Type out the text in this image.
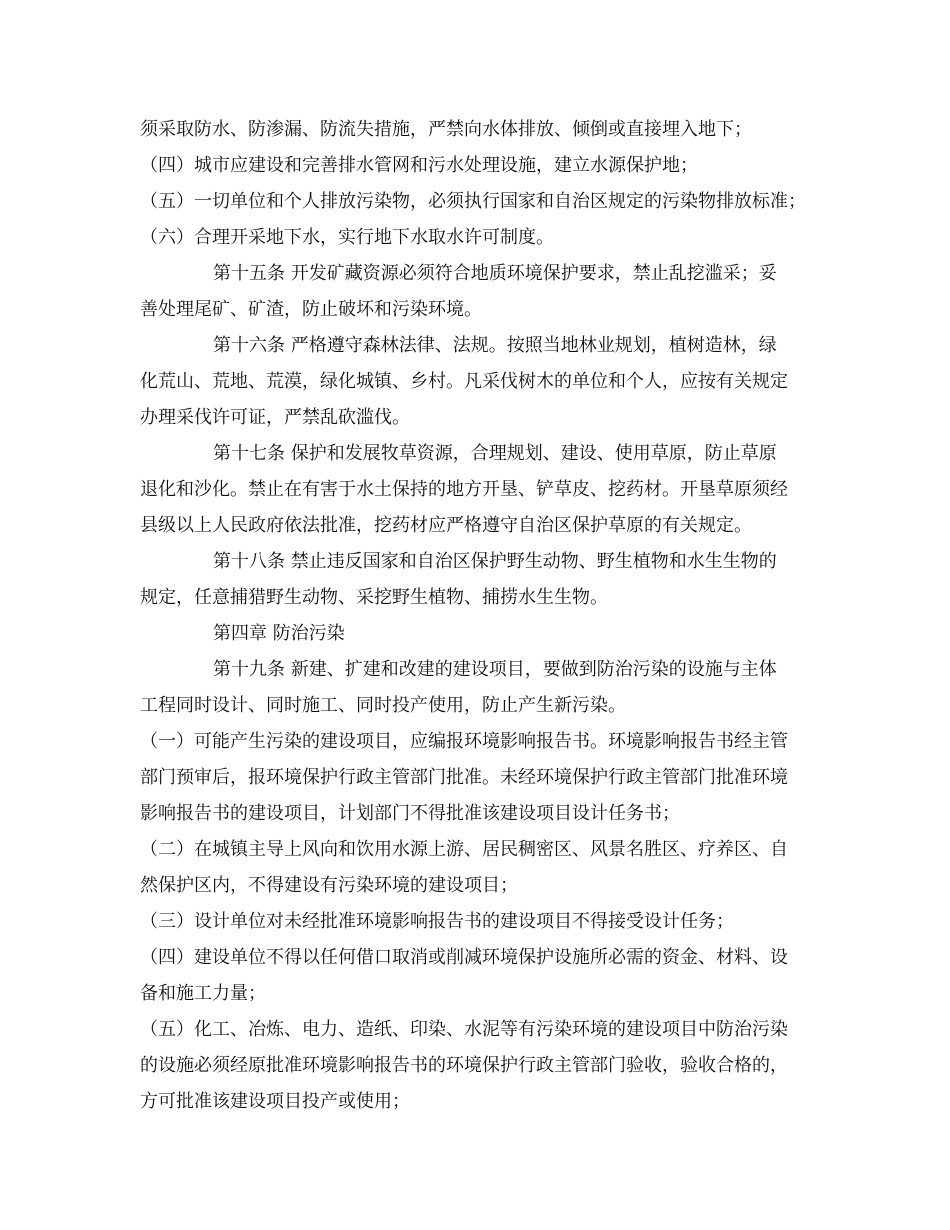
须采取防水、防渗漏、防流失措施，严禁向水体排放、倾倒或直接埋入地下；
（四）城市应建设和完善排水管网和污水处理设施，建立水源保护地；
（五）一切单位和个人排放污染物，必须执行国家和自治区规定的污染物排放标准；
（六）合理开采地下水，实行地下水取水许可制度。
第十五条 开发矿藏资源必须符合地质环境保护要求，禁止乱挖滥采；妥
善处理尾矿、矿渣，防止破坏和污染环境。
第十六条 严格遵守森林法律、法规。按照当地林业规划，植树造林，绿
化荒山、荒地、荒漠，绿化城镇、乡村。凡采伐树木的单位和个人，应按有关规定
办理采伐许可证，严禁乱砍滥伐。
第十七条 保护和发展牧草资源，合理规划、建设、使用草原，防止草原
退化和沙化。禁止在有害于水土保持的地方开垦、铲草皮、挖药材。开垦草原须经
县级以上人民政府依法批准，挖药材应严格遵守自治区保护草原的有关规定。
第十八条 禁止违反国家和自治区保护野生动物、野生植物和水生生物的
规定，任意捕猎野生动物、采挖野生植物、捕捞水生生物。
第四章 防治污染
第十九条 新建、扩建和改建的建设项目，要做到防治污染的设施与主体
工程同时设计、同时施工、同时投产使用，防止产生新污染。
（一）可能产生污染的建设项目，应编报环境影响报告书。环境影响报告书经主管
部门预审后，报环境保护行政主管部门批准。未经环境保护行政主管部门批准环境
影响报告书的建设项目，计划部门不得批准该建设项目设计任务书；
（二）在城镇主导上风向和饮用水源上游、居民稠密区、风景名胜区、疗养区、自
然保护区内，不得建设有污染环境的建设项目；
（三）设计单位对未经批准环境影响报告书的建设项目不得接受设计任务；
（四）建设单位不得以任何借口取消或削减环境保护设施所必需的资金、材料、设
备和施工力量；
（五）化工、冶炼、电力、造纸、印染、水泥等有污染环境的建设项目中防治污染
的设施必须经原批准环境影响报告书的环境保护行政主管部门验收，验收合格的，
方可批准该建设项目投产或使用；
